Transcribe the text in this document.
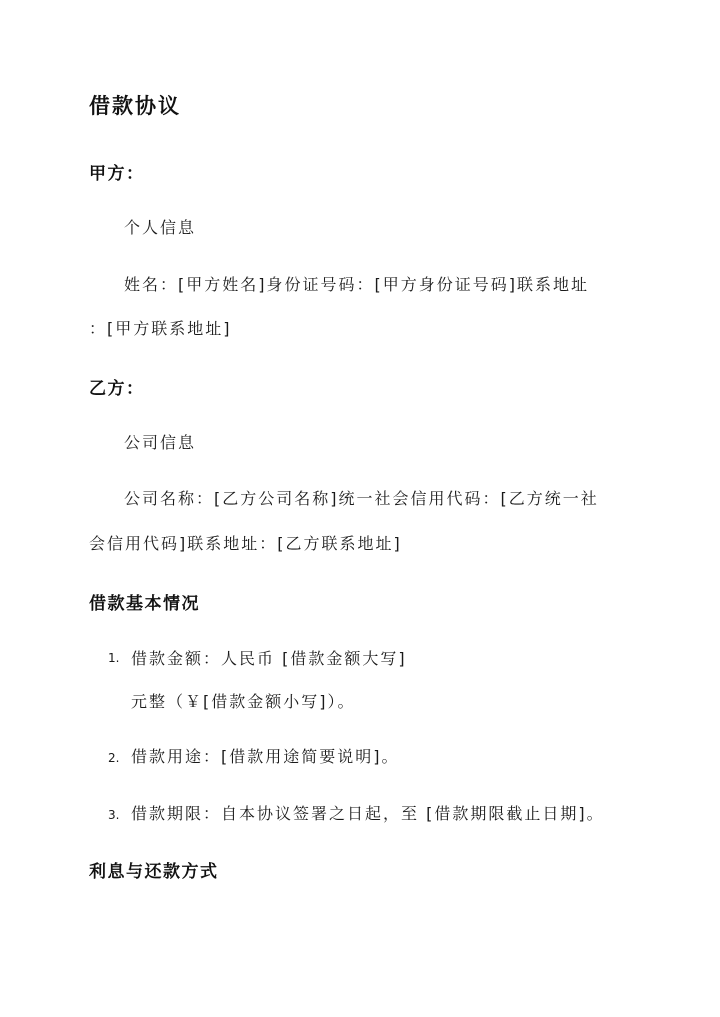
借款协议
甲方：
个人信息
姓名：[甲方姓名]身份证号码：[甲方身份证号码]联系地址
：[甲方联系地址]
乙方：
公司信息
公司名称：[乙方公司名称]统一社会信用代码：[乙方统一社
会信用代码]联系地址：[乙方联系地址]
借款基本情况
1. 借款金额：人民币 [借款金额大写]
元整（￥[借款金额小写]）。
2. 借款用途：[借款用途简要说明]。
3. 借款期限：自本协议签署之日起，至 [借款期限截止日期]。
利息与还款方式
